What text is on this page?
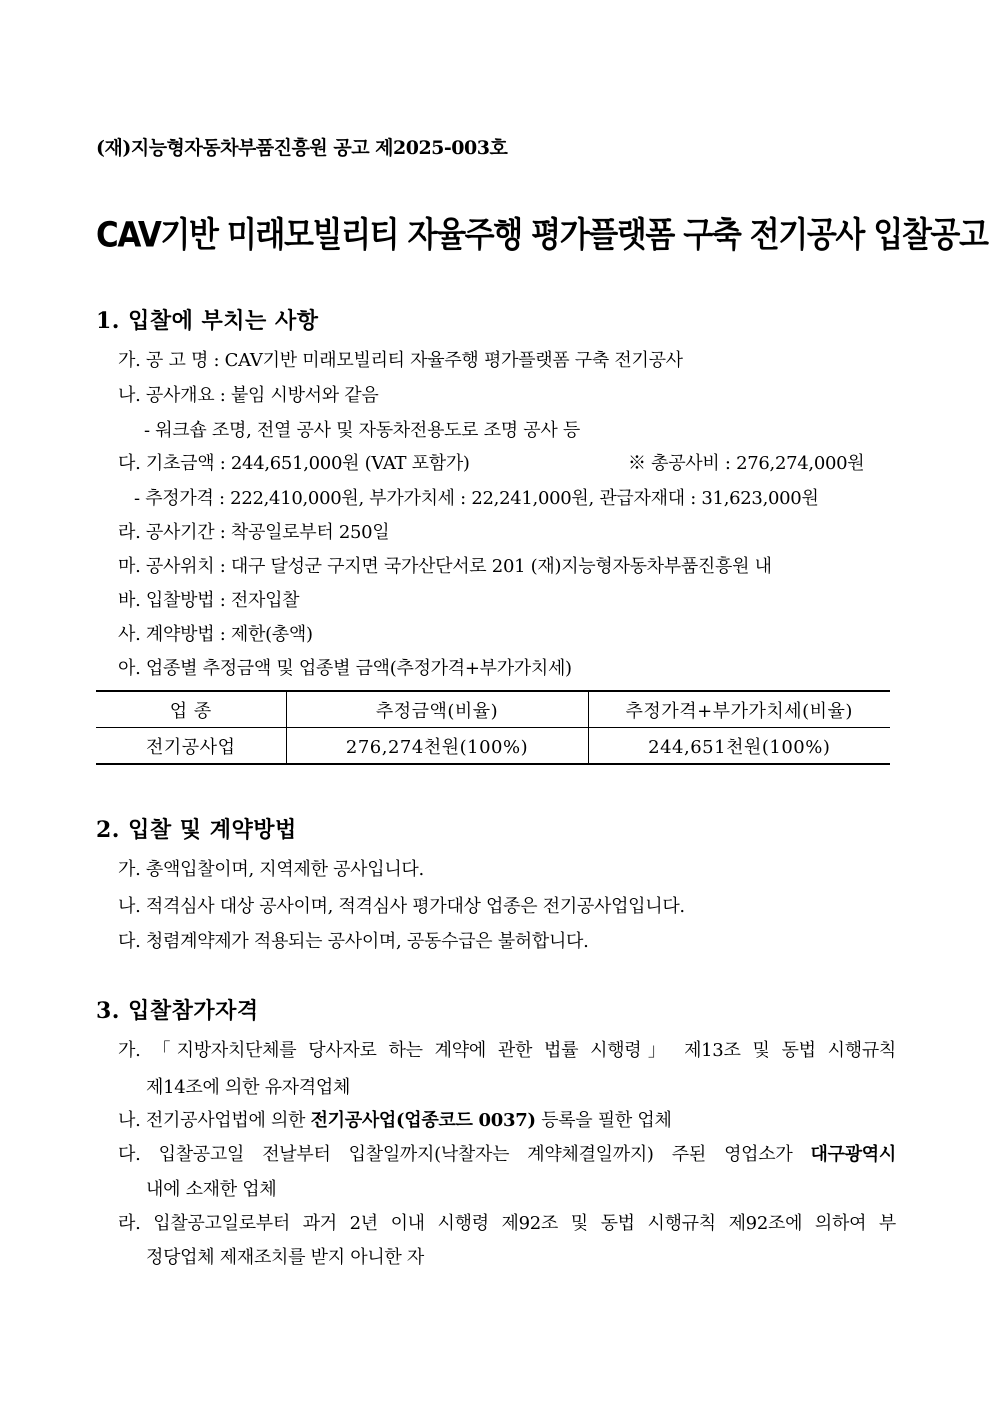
(재)지능형자동차부품진흥원 공고 제2025-003호
CAV기반 미래모빌리티 자율주행 평가플랫폼 구축 전기공사 입찰공고
1. 입찰에 부치는 사항
가. 공 고 명 : CAV기반 미래모빌리티 자율주행 평가플랫폼 구축 전기공사
나. 공사개요 : 붙임 시방서와 같음
- 워크숍 조명, 전열 공사 및 자동차전용도로 조명 공사 등
다. 기초금액 : 244,651,000원 (VAT 포함가)	※ 총공사비 : 276,274,000원
- 추정가격 : 222,410,000원, 부가가치세 : 22,241,000원, 관급자재대 : 31,623,000원
라. 공사기간 : 착공일로부터 250일
마. 공사위치 : 대구 달성군 구지면 국가산단서로 201 (재)지능형자동차부품진흥원 내
바. 입찰방법 : 전자입찰
사. 계약방법 : 제한(총액)
아. 업종별 추정금액 및 업종별 금액(추정가격+부가가치세)
업 종	추정금액(비율)	추정가격+부가가치세(비율)
전기공사업	276,274천원(100%)	244,651천원(100%)
2. 입찰 및 계약방법
가. 총액입찰이며, 지역제한 공사입니다.
나. 적격심사 대상 공사이며, 적격심사 평가대상 업종은 전기공사업입니다.
다. 청렴계약제가 적용되는 공사이며, 공동수급은 불허합니다.
3. 입찰참가자격
가. 「지방자치단체를 당사자로 하는 계약에 관한 법률 시행령」 제13조 및 동법 시행규칙
제14조에 의한 유자격업체
나. 전기공사업법에 의한 전기공사업(업종코드 0037) 등록을 필한 업체
다. 입찰공고일 전날부터 입찰일까지(낙찰자는 계약체결일까지) 주된 영업소가 대구광역시
내에 소재한 업체
라. 입찰공고일로부터 과거 2년 이내 시행령 제92조 및 동법 시행규칙 제92조에 의하여 부
정당업체 제재조치를 받지 아니한 자
